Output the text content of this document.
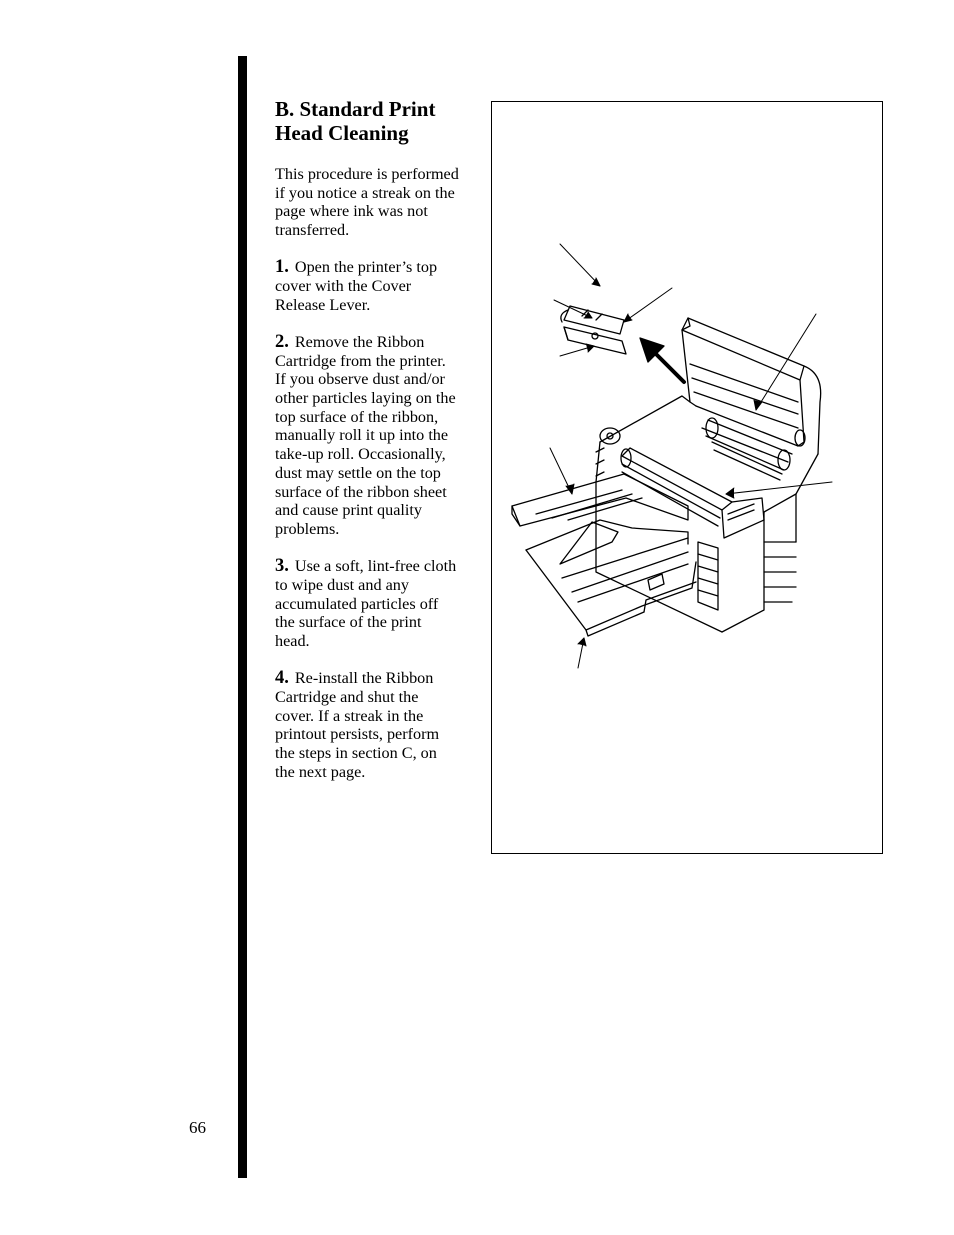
B. Standard Print Head Cleaning

This procedure is performed if you notice a streak on the page where ink was not transferred.

1. Open the printer’s top cover with the Cover Release Lever.

2. Remove the Ribbon Cartridge from the printer. If you observe dust and/or other particles laying on the top surface of the ribbon, manually roll it up into the take-up roll. Occasionally, dust may settle on the top surface of the ribbon sheet and cause print quality problems.

3. Use a soft, lint-free cloth to wipe dust and any accumulated particles off the surface of the print head.

4. Re-install the Ribbon Cartridge and shut the cover. If a streak in the printout persists, perform the steps in section C, on the next page.

66
